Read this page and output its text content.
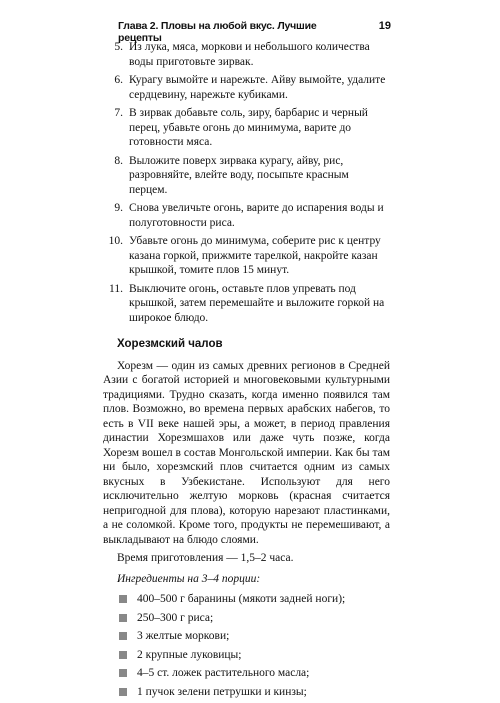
Глава 2. Пловы на любой вкус. Лучшие рецепты
19
5. Из лука, мяса, моркови и небольшого количества воды приготовьте зирвак.
6. Курагу вымойте и нарежьте. Айву вымойте, удалите сердцевину, нарежьте кубиками.
7. В зирвак добавьте соль, зиру, барбарис и черный перец, убавьте огонь до минимума, варите до готовности мяса.
8. Выложите поверх зирвака курагу, айву, рис, разровняйте, влейте воду, посыпьте красным перцем.
9. Снова увеличьте огонь, варите до испарения воды и полуготовности риса.
10. Убавьте огонь до минимума, соберите рис к центру казана горкой, прижмите тарелкой, накройте казан крышкой, томите плов 15 минут.
11. Выключите огонь, оставьте плов упревать под крышкой, затем перемешайте и выложите горкой на широкое блюдо.
Хорезмский чалов

Хорезм — один из самых древних регионов в Средней Азии с богатой историей и многовековыми культурными традициями. Трудно сказать, когда именно появился там плов. Возможно, во времена первых арабских набегов, то есть в VII веке нашей эры, а может, в период правления династии Хорезмшахов или даже чуть позже, когда Хорезм вошел в состав Монгольской империи. Как бы там ни было, хорезмский плов считается одним из самых вкусных в Узбекистане. Используют для него исключительно желтую морковь (красная считается непригодной для плова), которую нарезают пластинками, а не соломкой. Кроме того, продукты не перемешивают, а выкладывают на блюдо слоями.

Время приготовления — 1,5–2 часа.
Ингредиенты на 3–4 порции:
400–500 г баранины (мякоти задней ноги);
250–300 г риса;
3 желтые моркови;
2 крупные луковицы;
4–5 ст. ложек растительного масла;
1 пучок зелени петрушки и кинзы;
